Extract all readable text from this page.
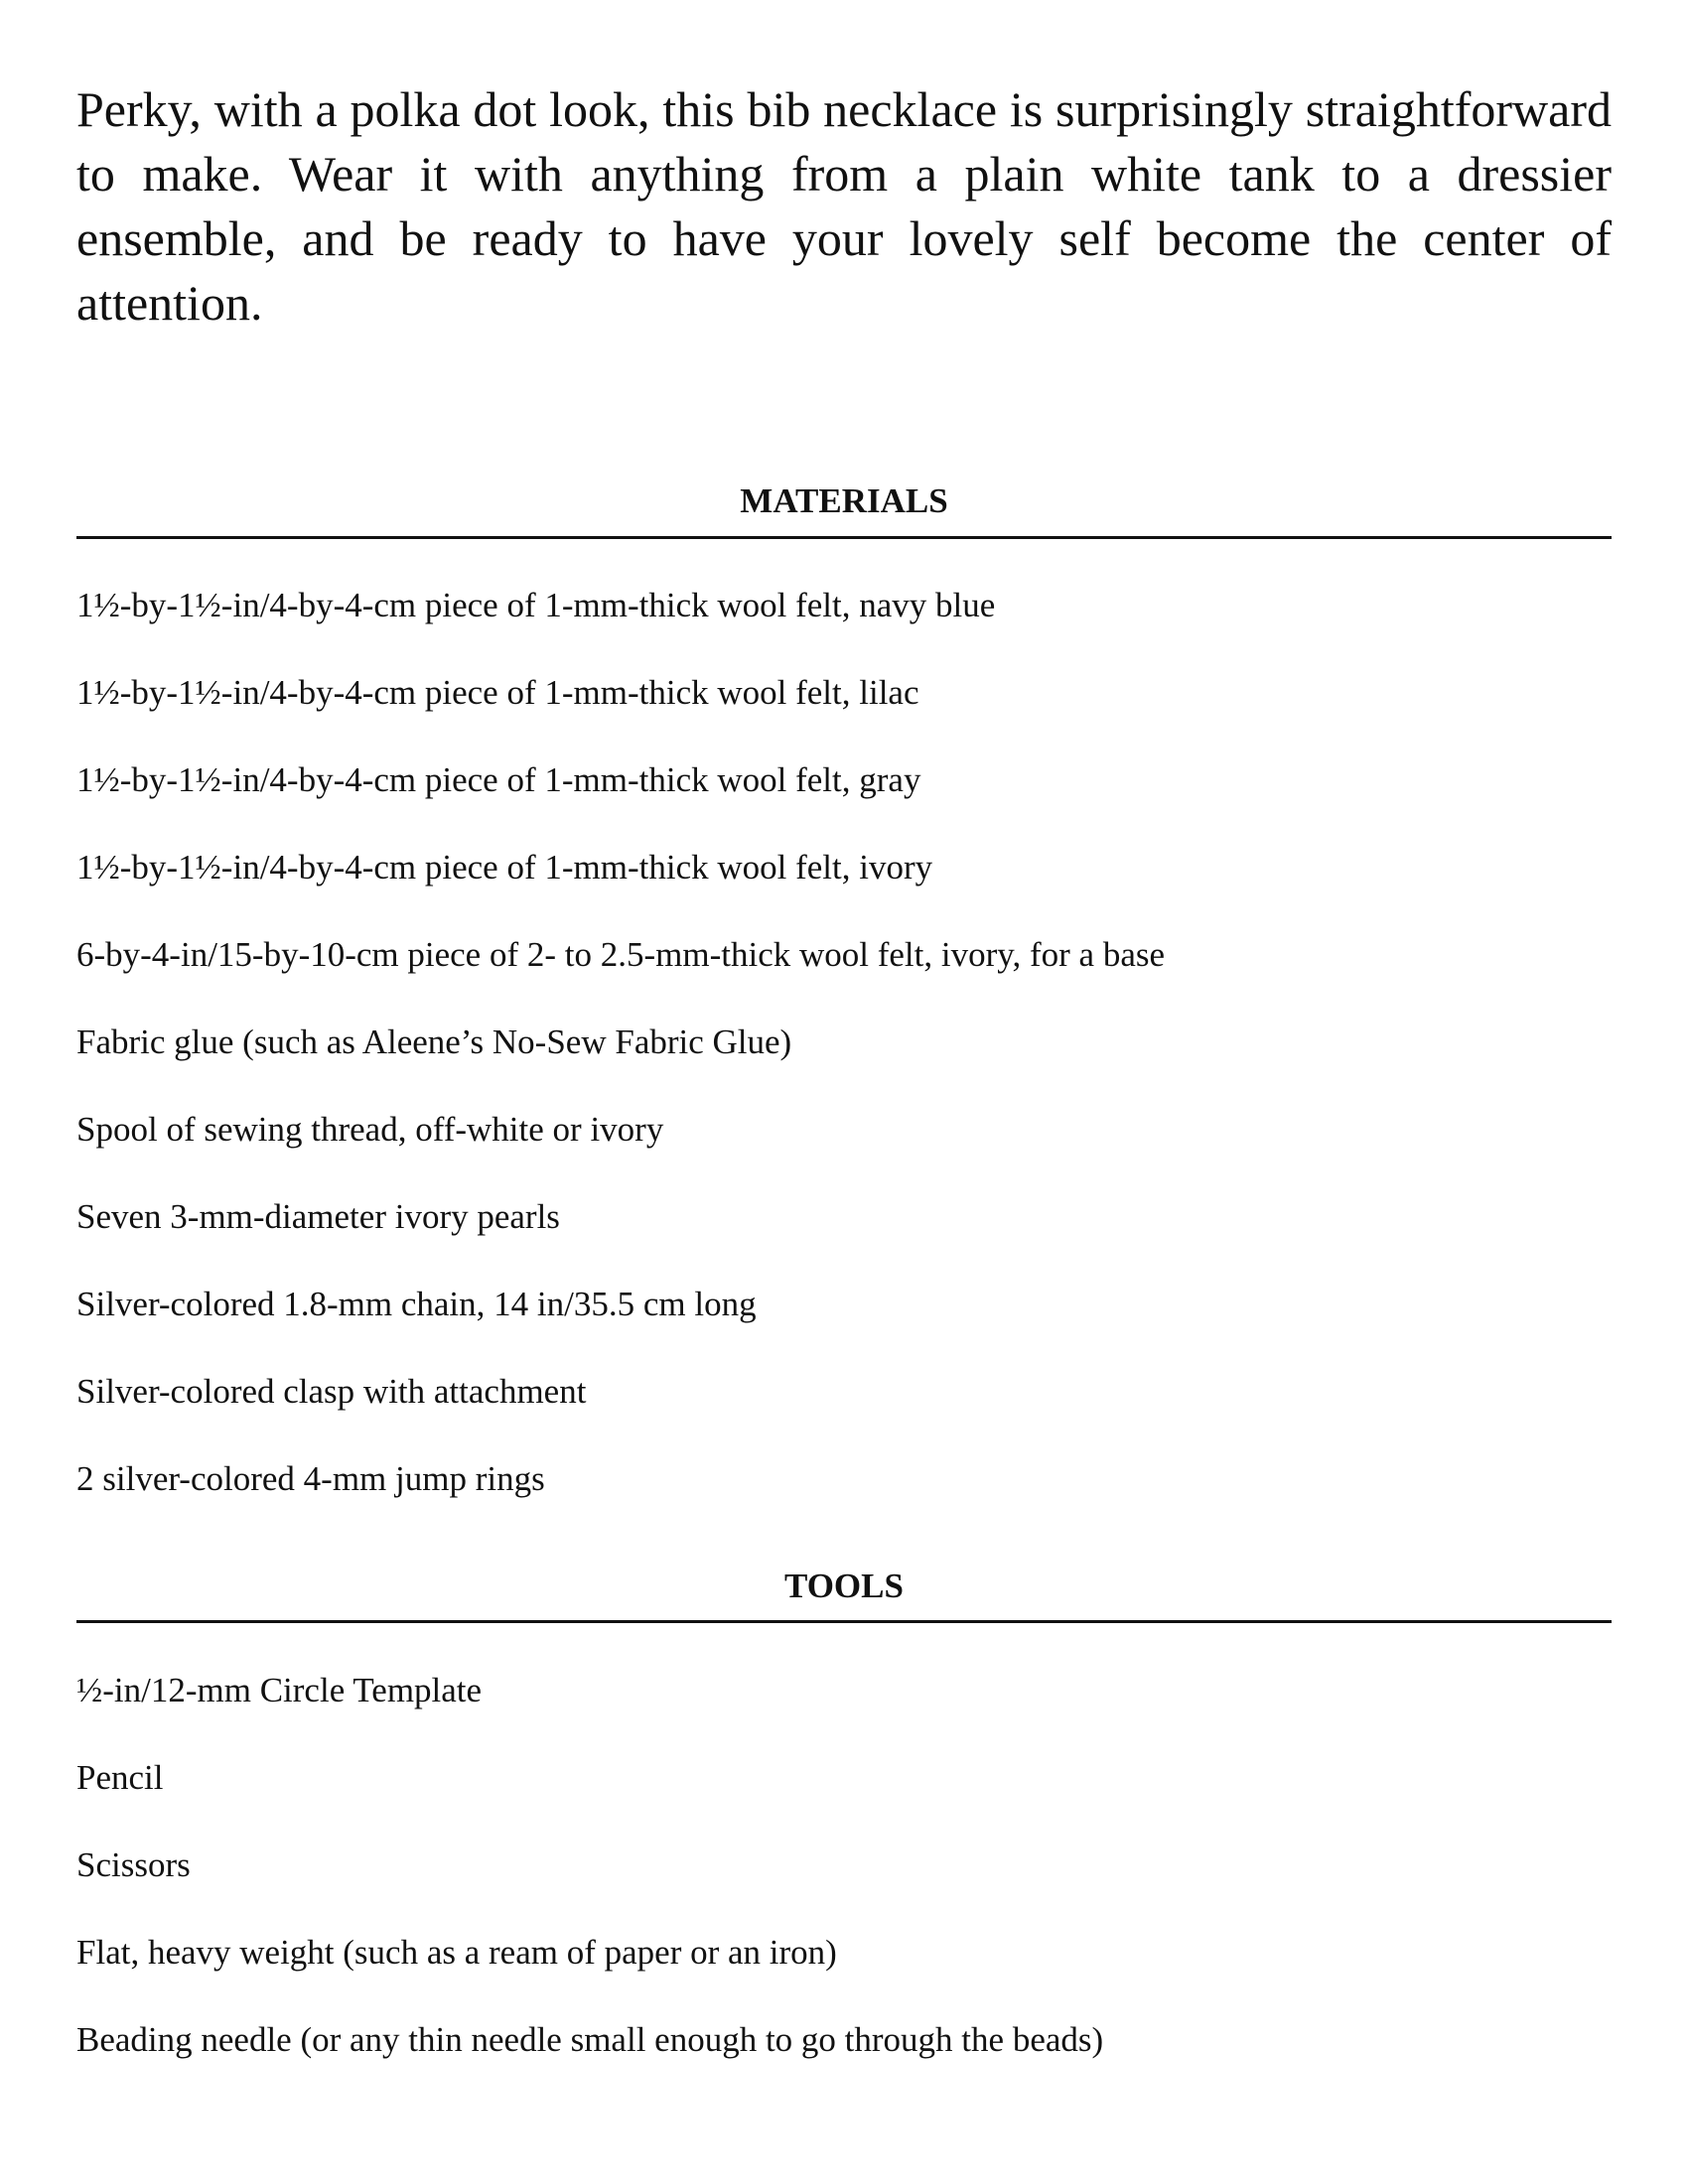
Perky, with a polka dot look, this bib necklace is surprisingly straightforward to make. Wear it with anything from a plain white tank to a dressier ensemble, and be ready to have your lovely self become the center of attention.

MATERIALS
1½-by-1½-in/4-by-4-cm piece of 1-mm-thick wool felt, navy blue
1½-by-1½-in/4-by-4-cm piece of 1-mm-thick wool felt, lilac
1½-by-1½-in/4-by-4-cm piece of 1-mm-thick wool felt, gray
1½-by-1½-in/4-by-4-cm piece of 1-mm-thick wool felt, ivory
6-by-4-in/15-by-10-cm piece of 2- to 2.5-mm-thick wool felt, ivory, for a base
Fabric glue (such as Aleene’s No-Sew Fabric Glue)
Spool of sewing thread, off-white or ivory
Seven 3-mm-diameter ivory pearls
Silver-colored 1.8-mm chain, 14 in/35.5 cm long
Silver-colored clasp with attachment
2 silver-colored 4-mm jump rings
TOOLS
½-in/12-mm Circle Template
Pencil
Scissors
Flat, heavy weight (such as a ream of paper or an iron)
Beading needle (or any thin needle small enough to go through the beads)
